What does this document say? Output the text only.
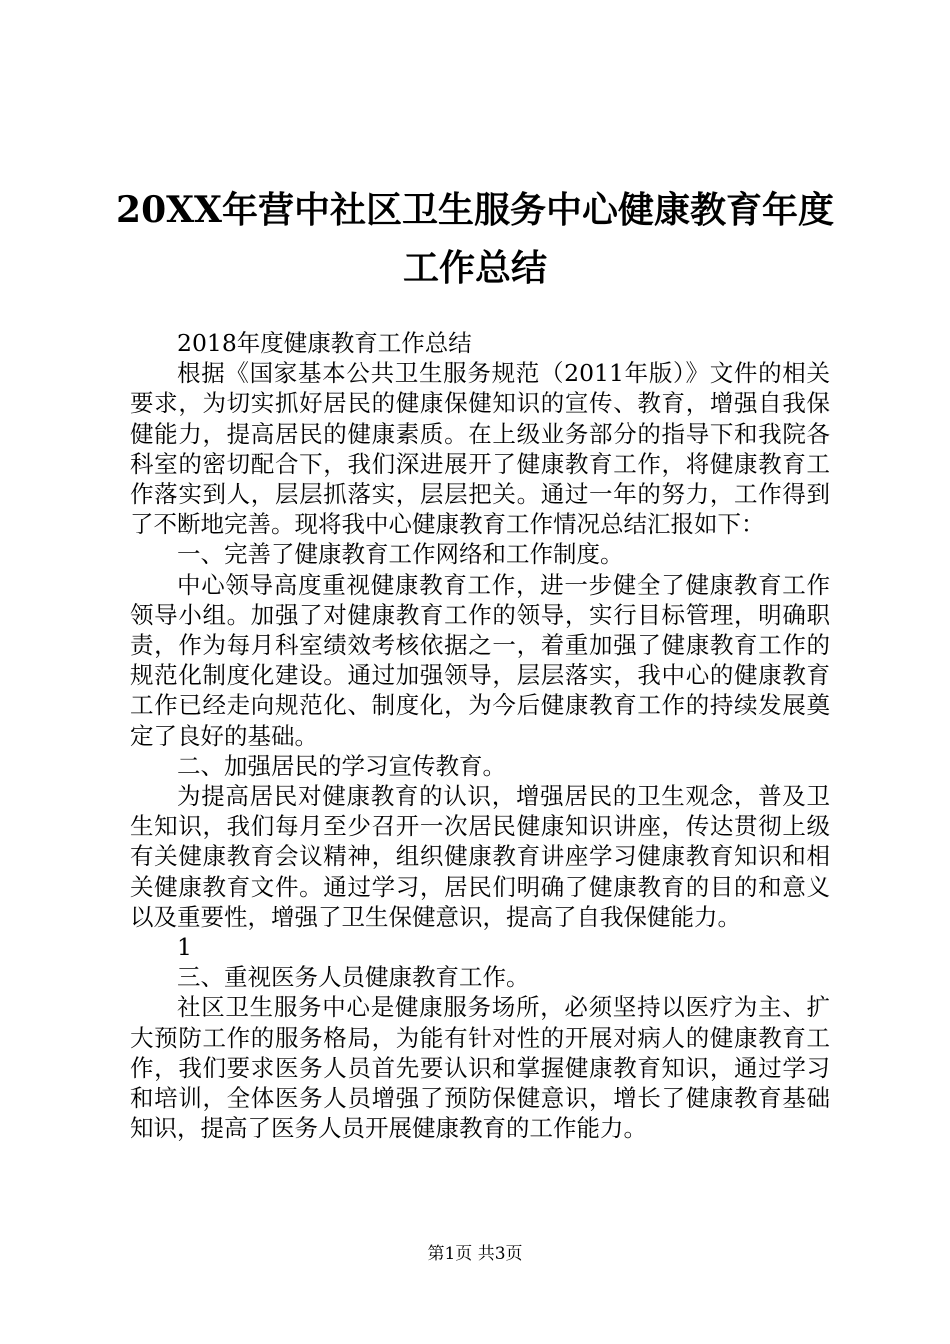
20XX年营中社区卫生服务中心健康教育年度
工作总结

2018年度健康教育工作总结

根据《国家基本公共卫生服务规范（2011年版）》文件的相关要求，为切实抓好居民的健康保健知识的宣传、教育，增强自我保健能力，提高居民的健康素质。在上级业务部分的指导下和我院各科室的密切配合下，我们深进展开了健康教育工作，将健康教育工作落实到人，层层抓落实，层层把关。通过一年的努力，工作得到了不断地完善。现将我中心健康教育工作情况总结汇报如下：

一、完善了健康教育工作网络和工作制度。

中心领导高度重视健康教育工作，进一步健全了健康教育工作领导小组。加强了对健康教育工作的领导，实行目标管理，明确职责，作为每月科室绩效考核依据之一，着重加强了健康教育工作的规范化制度化建设。通过加强领导，层层落实，我中心的健康教育工作已经走向规范化、制度化，为今后健康教育工作的持续发展奠定了良好的基础。

二、加强居民的学习宣传教育。

为提高居民对健康教育的认识，增强居民的卫生观念，普及卫生知识，我们每月至少召开一次居民健康知识讲座，传达贯彻上级有关健康教育会议精神，组织健康教育讲座学习健康教育知识和相关健康教育文件。通过学习，居民们明确了健康教育的目的和意义以及重要性，增强了卫生保健意识，提高了自我保健能力。

1

三、重视医务人员健康教育工作。

社区卫生服务中心是健康服务场所，必须坚持以医疗为主、扩大预防工作的服务格局，为能有针对性的开展对病人的健康教育工作，我们要求医务人员首先要认识和掌握健康教育知识，通过学习和培训，全体医务人员增强了预防保健意识，增长了健康教育基础知识，提高了医务人员开展健康教育的工作能力。

第1页 共3页
